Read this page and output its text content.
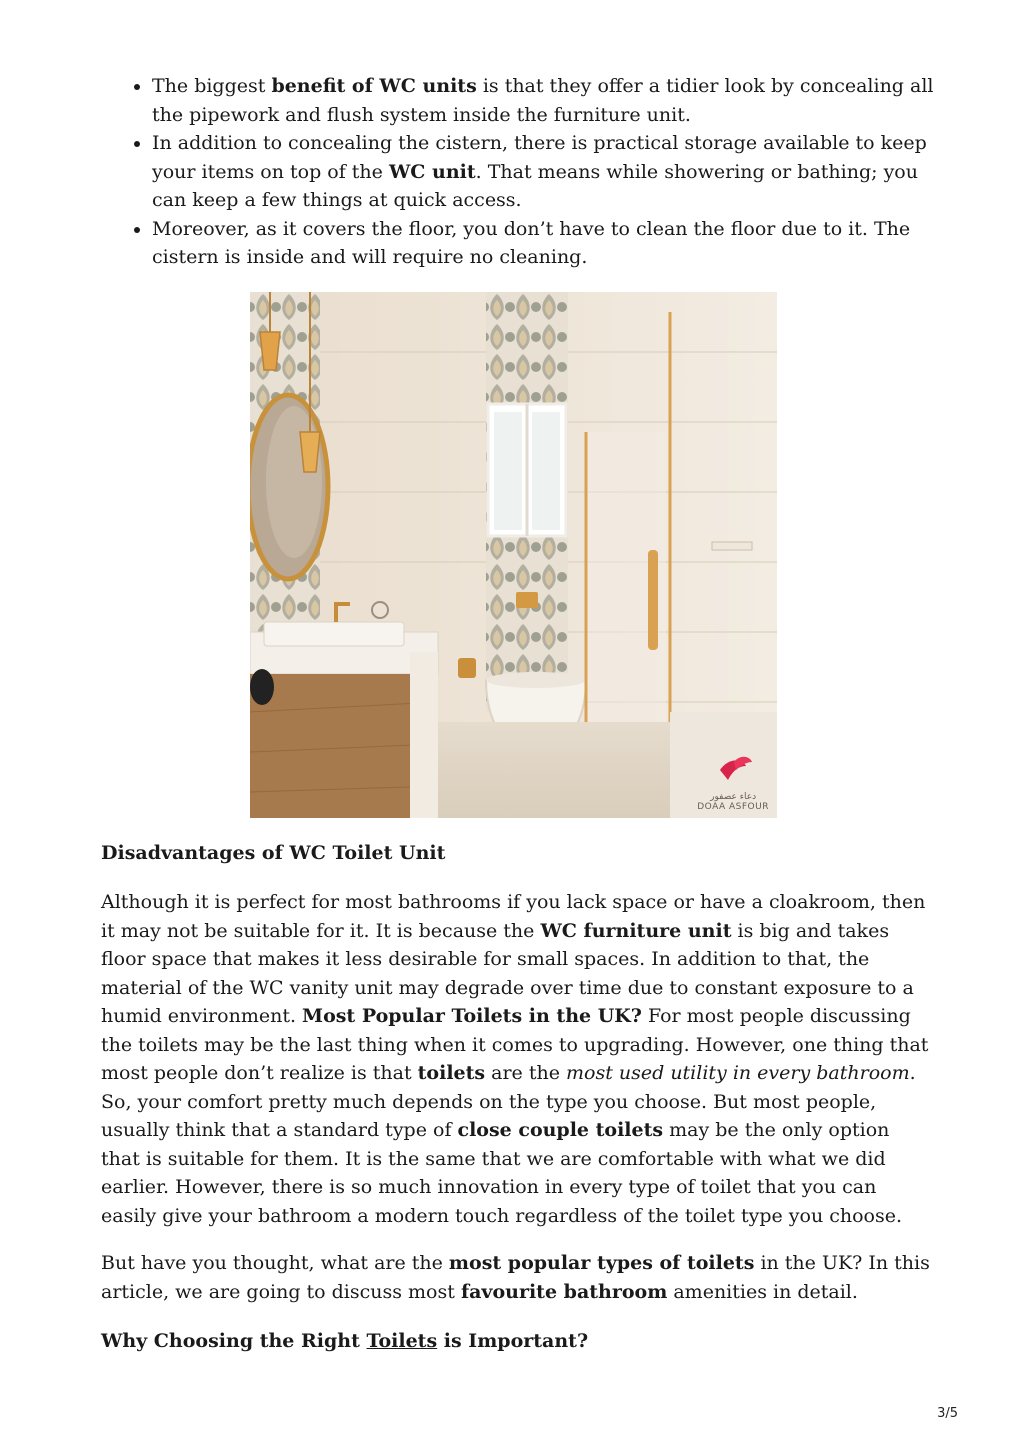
• The biggest benefit of WC units is that they offer a tidier look by concealing all the pipework and flush system inside the furniture unit.
• In addition to concealing the cistern, there is practical storage available to keep your items on top of the WC unit. That means while showering or bathing; you can keep a few things at quick access.
• Moreover, as it covers the floor, you don’t have to clean the floor due to it. The cistern is inside and will require no cleaning.
دعاء عصفور
DOAA ASFOUR
Disadvantages of WC Toilet Unit

Although it is perfect for most bathrooms if you lack space or have a cloakroom, then it may not be suitable for it. It is because the WC furniture unit is big and takes floor space that makes it less desirable for small spaces. In addition to that, the material of the WC vanity unit may degrade over time due to constant exposure to a humid environment. Most Popular Toilets in the UK? For most people discussing the toilets may be the last thing when it comes to upgrading. However, one thing that most people don’t realize is that toilets are the most used utility in every bathroom. So, your comfort pretty much depends on the type you choose. But most people, usually think that a standard type of close couple toilets may be the only option that is suitable for them. It is the same that we are comfortable with what we did earlier. However, there is so much innovation in every type of toilet that you can easily give your bathroom a modern touch regardless of the toilet type you choose.

But have you thought, what are the most popular types of toilets in the UK? In this article, we are going to discuss most favourite bathroom amenities in detail.

Why Choosing the Right Toilets is Important?
3/5
